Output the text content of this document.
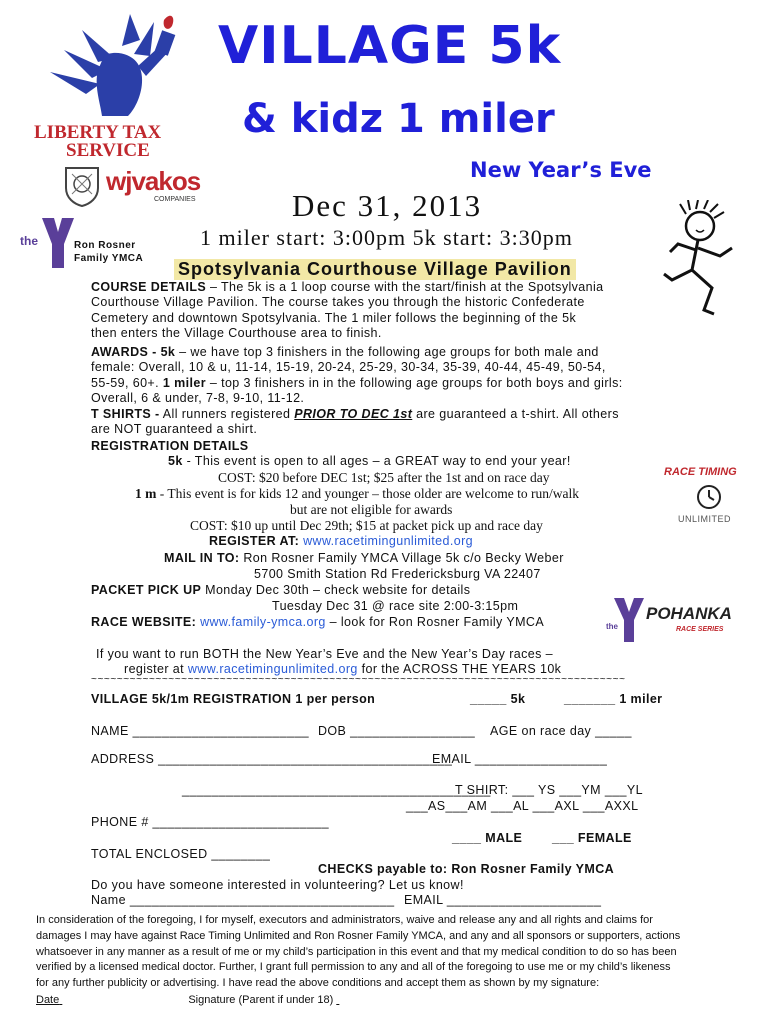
LIBERTY TAX
SERVICE
wjvakos
COMPANIES
the	Ron Rosner
Family YMCA
VILLAGE 5k
& kidz 1 miler
New Year’s Eve
Dec 31, 2013
1 miler start: 3:00pm 5k start: 3:30pm
Spotsylvania Courthouse Village Pavilion
COURSE DETAILS – The 5k is a 1 loop course with the start/finish at the Spotsylvania
Courthouse Village Pavilion. The course takes you through the historic Confederate
Cemetery and downtown Spotsylvania. The 1 miler follows the beginning of the 5k
then enters the Village Courthouse area to finish.
AWARDS - 5k – we have top 3 finishers in the following age groups for both male and
female: Overall, 10 & u, 11-14, 15-19, 20-24, 25-29, 30-34, 35-39, 40-44, 45-49, 50-54,
55-59, 60+. 1 miler – top 3 finishers in in the following age groups for both boys and girls:
Overall, 6 & under, 7-8, 9-10, 11-12.
T SHIRTS - All runners registered PRIOR TO DEC 1st are guaranteed a t-shirt. All others
are NOT guaranteed a shirt.
REGISTRATION DETAILS
5k - This event is open to all ages – a GREAT way to end your year!
COST: $20 before DEC 1st; $25 after the 1st and on race day
1 m - This event is for kids 12 and younger – those older are welcome to run/walk
but are not eligible for awards
COST: $10 up until Dec 29th; $15 at packet pick up and race day
REGISTER AT: www.racetimingunlimited.org
MAIL IN TO: Ron Rosner Family YMCA Village 5k c/o Becky Weber
5700 Smith Station Rd Fredericksburg VA 22407
PACKET PICK UP Monday Dec 30th – check website for details
Tuesday Dec 31 @ race site 2:00-3:15pm
RACE WEBSITE: www.family-ymca.org – look for Ron Rosner Family YMCA
RACE TIMING
UNLIMITED
the
POHANKA
RACE SERIES
If you want to run BOTH the New Year’s Eve and the New Year’s Day races –
register at www.racetimingunlimited.org for the ACROSS THE YEARS 10k
~~~~~~~~~~~~~~~~~~~~~~~~~~~~~~~~~~~~~~~~~~~~~~~~~~~~~~~~~~~~~~~~~~~~~~~~~~~~~~~~~~~
VILLAGE 5k/1m REGISTRATION 1 per person	_____ 5k	_______ 1 miler
NAME ________________________ DOB _________________ AGE on race day _____
ADDRESS ________________________________________
EMAIL __________________
__________________________________________
T SHIRT: ___ YS ___YM ___YL
___AS___AM ___AL ___AXL ___AXXL
PHONE # ________________________
____ MALE ___ FEMALE
TOTAL ENCLOSED ________
CHECKS payable to: Ron Rosner Family YMCA
Do you have someone interested in volunteering? Let us know!
Name ____________________________________ EMAIL _____________________
In consideration of the foregoing, I for myself, executors and administrators, waive and release any and all rights and claims for
damages I may have against Race Timing Unlimited and Ron Rosner Family YMCA, and any and all sponsors or supporters, actions
whatsoever in any manner as a result of me or my child’s participation in this event and that my medical condition to do so has been
verified by a licensed medical doctor. Further, I grant full permission to any and all of the foregoing to use me or my child’s likeness
for any further publicity or advertising. I have read the above conditions and accept them as shown by my signature:
Date	Signature (Parent if under 18)
